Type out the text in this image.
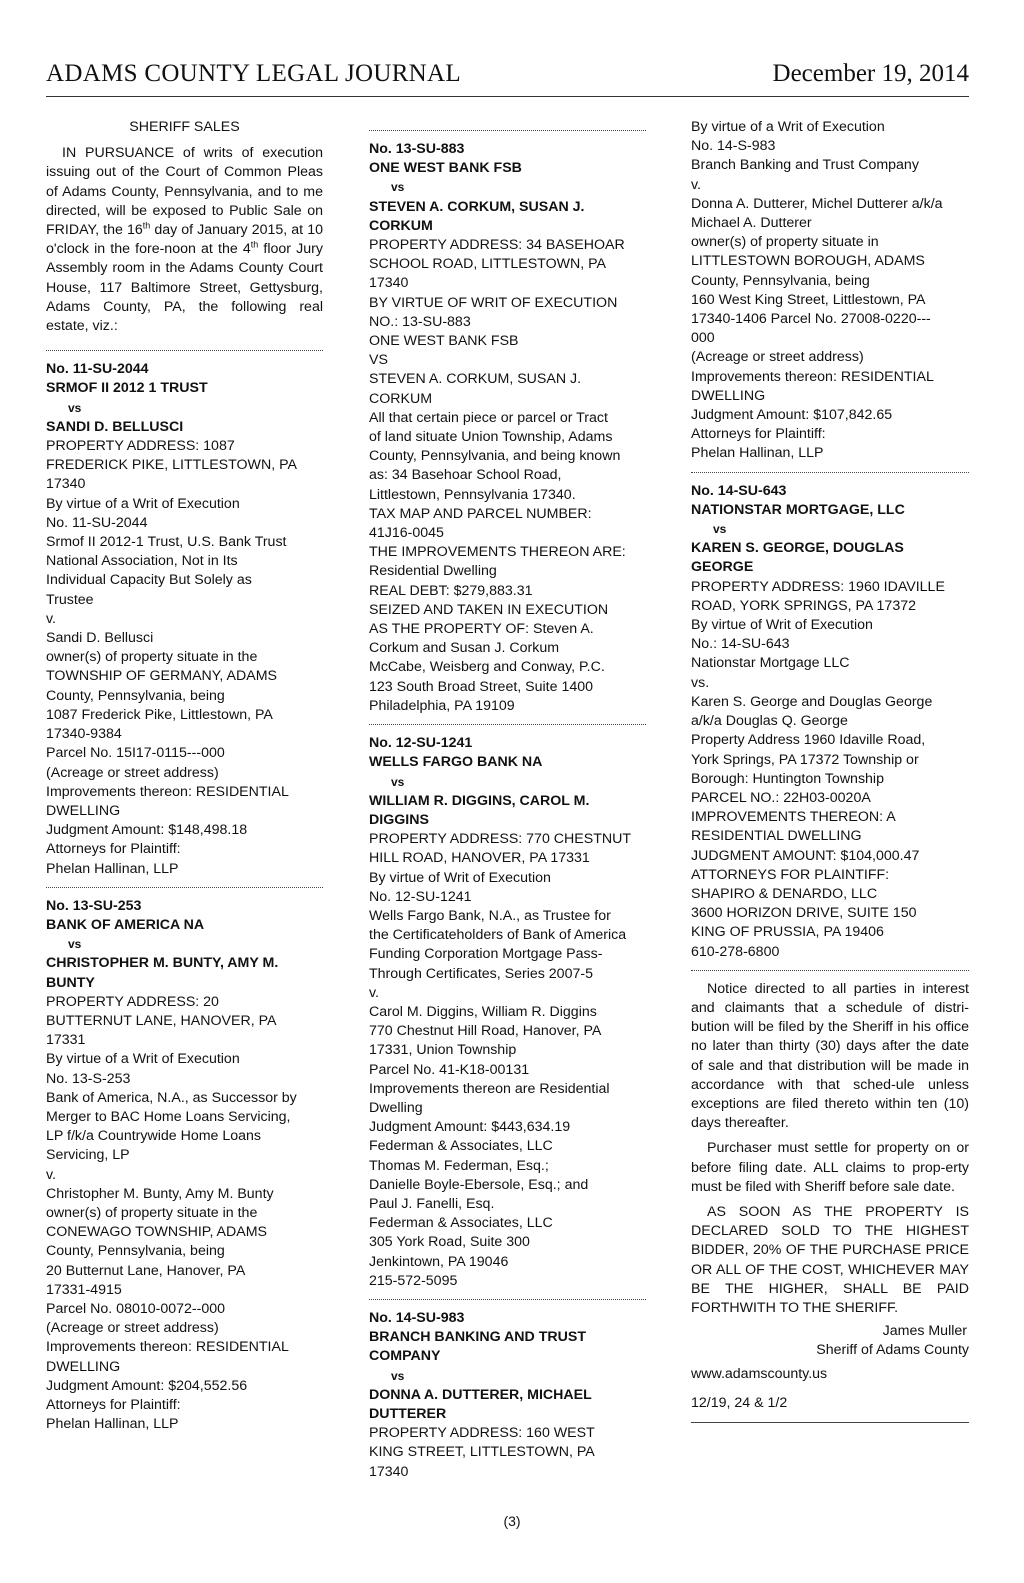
ADAMS COUNTY LEGAL JOURNAL	December 19, 2014
SHERIFF SALES

IN PURSUANCE of writs of execution issuing out of the Court of Common Pleas of Adams County, Pennsylvania, and to me directed, will be exposed to Public Sale on FRIDAY, the 16th day of January 2015, at 10 o'clock in the fore-noon at the 4th floor Jury Assembly room in the Adams County Court House, 117 Baltimore Street, Gettysburg, Adams County, PA, the following real estate, viz.:

No. 11-SU-2044
SRMOF II 2012 1 TRUST
vs
SANDI D. BELLUSCI
PROPERTY ADDRESS: 1087
FREDERICK PIKE, LITTLESTOWN, PA
17340
By virtue of a Writ of Execution
No. 11-SU-2044
Srmof II 2012-1 Trust, U.S. Bank Trust
National Association, Not in Its
Individual Capacity But Solely as
Trustee
v.
Sandi D. Bellusci
owner(s) of property situate in the
TOWNSHIP OF GERMANY, ADAMS
County, Pennsylvania, being
1087 Frederick Pike, Littlestown, PA
17340-9384
Parcel No. 15I17-0115---000
(Acreage or street address)
Improvements thereon: RESIDENTIAL
DWELLING
Judgment Amount: $148,498.18
Attorneys for Plaintiff:
Phelan Hallinan, LLP
No. 13-SU-253
BANK OF AMERICA NA
vs
CHRISTOPHER M. BUNTY, AMY M.
BUNTY
PROPERTY ADDRESS: 20
BUTTERNUT LANE, HANOVER, PA
17331
By virtue of a Writ of Execution
No. 13-S-253
Bank of America, N.A., as Successor by
Merger to BAC Home Loans Servicing,
LP f/k/a Countrywide Home Loans
Servicing, LP
v.
Christopher M. Bunty, Amy M. Bunty
owner(s) of property situate in the
CONEWAGO TOWNSHIP, ADAMS
County, Pennsylvania, being
20 Butternut Lane, Hanover, PA
17331-4915
Parcel No. 08010-0072--000
(Acreage or street address)
Improvements thereon: RESIDENTIAL
DWELLING
Judgment Amount: $204,552.56
Attorneys for Plaintiff:
Phelan Hallinan, LLP
No. 13-SU-883
ONE WEST BANK FSB
vs
STEVEN A. CORKUM, SUSAN J.
CORKUM
PROPERTY ADDRESS: 34 BASEHOAR
SCHOOL ROAD, LITTLESTOWN, PA
17340
BY VIRTUE OF WRIT OF EXECUTION
NO.: 13-SU-883
ONE WEST BANK FSB
VS
STEVEN A. CORKUM, SUSAN J.
CORKUM
All that certain piece or parcel or Tract
of land situate Union Township, Adams
County, Pennsylvania, and being known
as: 34 Basehoar School Road,
Littlestown, Pennsylvania 17340.
TAX MAP AND PARCEL NUMBER:
41J16-0045
THE IMPROVEMENTS THEREON ARE:
Residential Dwelling
REAL DEBT: $279,883.31
SEIZED AND TAKEN IN EXECUTION
AS THE PROPERTY OF: Steven A.
Corkum and Susan J. Corkum
McCabe, Weisberg and Conway, P.C.
123 South Broad Street, Suite 1400
Philadelphia, PA 19109
No. 12-SU-1241
WELLS FARGO BANK NA
vs
WILLIAM R. DIGGINS, CAROL M.
DIGGINS
PROPERTY ADDRESS: 770 CHESTNUT
HILL ROAD, HANOVER, PA 17331
By virtue of Writ of Execution
No. 12-SU-1241
Wells Fargo Bank, N.A., as Trustee for
the Certificateholders of Bank of America
Funding Corporation Mortgage Pass-
Through Certificates, Series 2007-5
v.
Carol M. Diggins, William R. Diggins
770 Chestnut Hill Road, Hanover, PA
17331, Union Township
Parcel No. 41-K18-00131
Improvements thereon are Residential
Dwelling
Judgment Amount: $443,634.19
Federman & Associates, LLC
Thomas M. Federman, Esq.;
Danielle Boyle-Ebersole, Esq.; and
Paul J. Fanelli, Esq.
Federman & Associates, LLC
305 York Road, Suite 300
Jenkintown, PA 19046
215-572-5095
No. 14-SU-983
BRANCH BANKING AND TRUST
COMPANY
vs
DONNA A. DUTTERER, MICHAEL
DUTTERER
PROPERTY ADDRESS: 160 WEST
KING STREET, LITTLESTOWN, PA
17340
By virtue of a Writ of Execution
No. 14-S-983
Branch Banking and Trust Company
v.
Donna A. Dutterer, Michel Dutterer a/k/a
Michael A. Dutterer
owner(s) of property situate in
LITTLESTOWN BOROUGH, ADAMS
County, Pennsylvania, being
160 West King Street, Littlestown, PA
17340-1406 Parcel No. 27008-0220---
000
(Acreage or street address)
Improvements thereon: RESIDENTIAL
DWELLING
Judgment Amount: $107,842.65
Attorneys for Plaintiff:
Phelan Hallinan, LLP
No. 14-SU-643
NATIONSTAR MORTGAGE, LLC
vs
KAREN S. GEORGE, DOUGLAS
GEORGE
PROPERTY ADDRESS: 1960 IDAVILLE
ROAD, YORK SPRINGS, PA 17372
By virtue of Writ of Execution
No.: 14-SU-643
Nationstar Mortgage LLC
vs.
Karen S. George and Douglas George
a/k/a Douglas Q. George
Property Address 1960 Idaville Road,
York Springs, PA 17372 Township or
Borough: Huntington Township
PARCEL NO.: 22H03-0020A
IMPROVEMENTS THEREON: A
RESIDENTIAL DWELLING
JUDGMENT AMOUNT: $104,000.47
ATTORNEYS FOR PLAINTIFF:
SHAPIRO & DENARDO, LLC
3600 HORIZON DRIVE, SUITE 150
KING OF PRUSSIA, PA 19406
610-278-6800

Notice directed to all parties in interest and claimants that a schedule of distri-bution will be filed by the Sheriff in his office no later than thirty (30) days after the date of sale and that distribution will be made in accordance with that sched-ule unless exceptions are filed thereto within ten (10) days thereafter.

Purchaser must settle for property on or before filing date. ALL claims to prop-erty must be filed with Sheriff before sale date.

AS SOON AS THE PROPERTY IS DECLARED SOLD TO THE HIGHEST BIDDER, 20% OF THE PURCHASE PRICE OR ALL OF THE COST, WHICHEVER MAY BE THE HIGHER, SHALL BE PAID FORTHWITH TO THE SHERIFF.

James Muller
Sheriff of Adams County
www.adamscounty.us
12/19, 24 & 1/2
(3)
